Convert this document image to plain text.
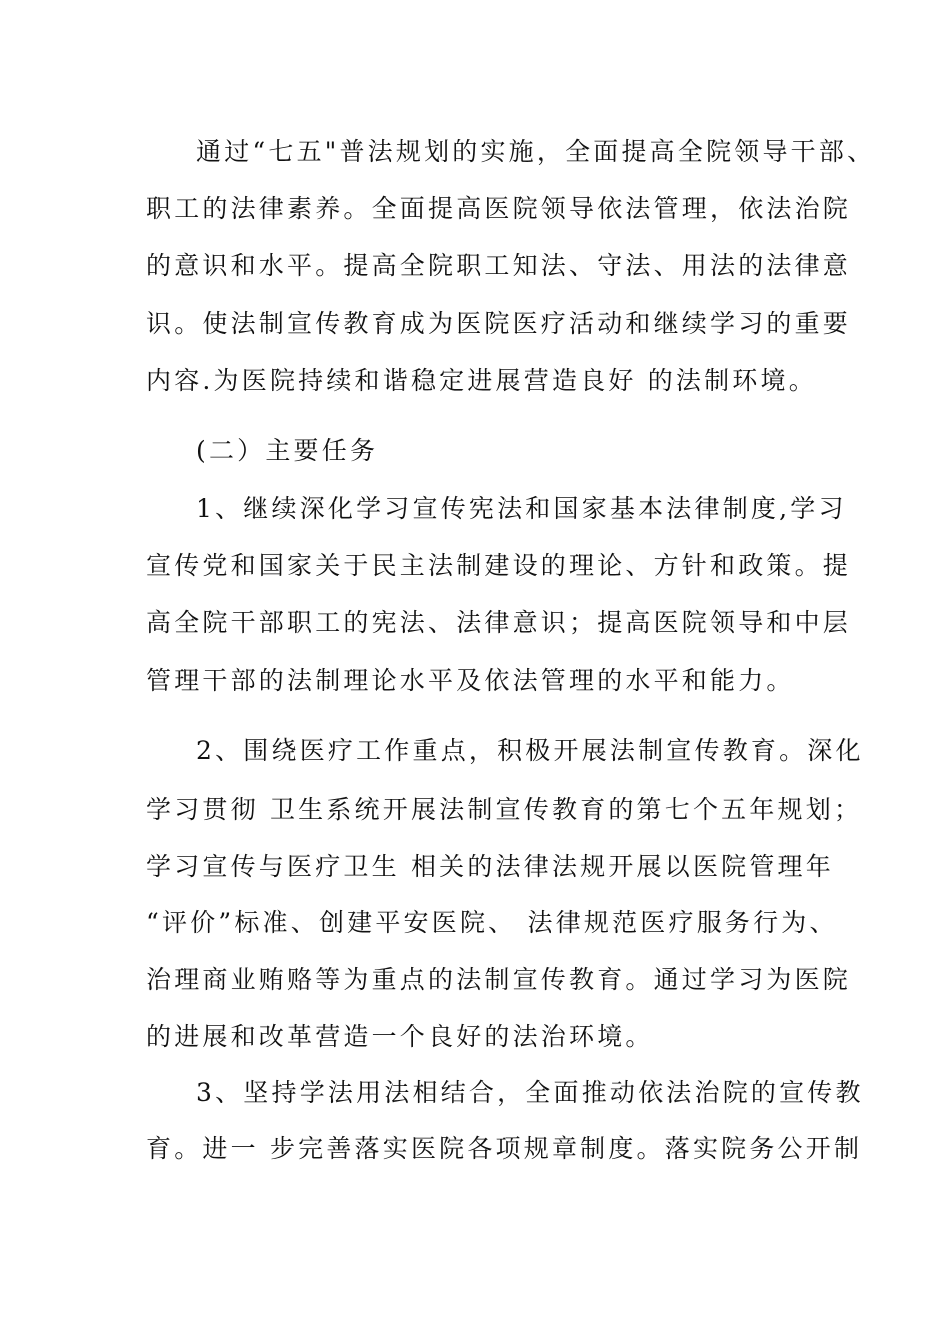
通过“七五"普法规划的实施，全面提高全院领导干部、
职工的法律素养。全面提高医院领导依法管理，依法治院
的意识和水平。提高全院职工知法、守法、用法的法律意
识。使法制宣传教育成为医院医疗活动和继续学习的重要
内容.为医院持续和谐稳定进展营造良好 的法制环境。
(二）主要任务
1、继续深化学习宣传宪法和国家基本法律制度,学习
宣传党和国家关于民主法制建设的理论、方针和政策。提
高全院干部职工的宪法、法律意识；提高医院领导和中层
管理干部的法制理论水平及依法管理的水平和能力。
2、围绕医疗工作重点，积极开展法制宣传教育。深化
学习贯彻 卫生系统开展法制宣传教育的第七个五年规划；
学习宣传与医疗卫生 相关的法律法规开展以医院管理年
“评价”标准、创建平安医院、 法律规范医疗服务行为、
治理商业贿赂等为重点的法制宣传教育。通过学习为医院
的进展和改革营造一个良好的法治环境。
3、坚持学法用法相结合，全面推动依法治院的宣传教
育。进一 步完善落实医院各项规章制度。落实院务公开制
